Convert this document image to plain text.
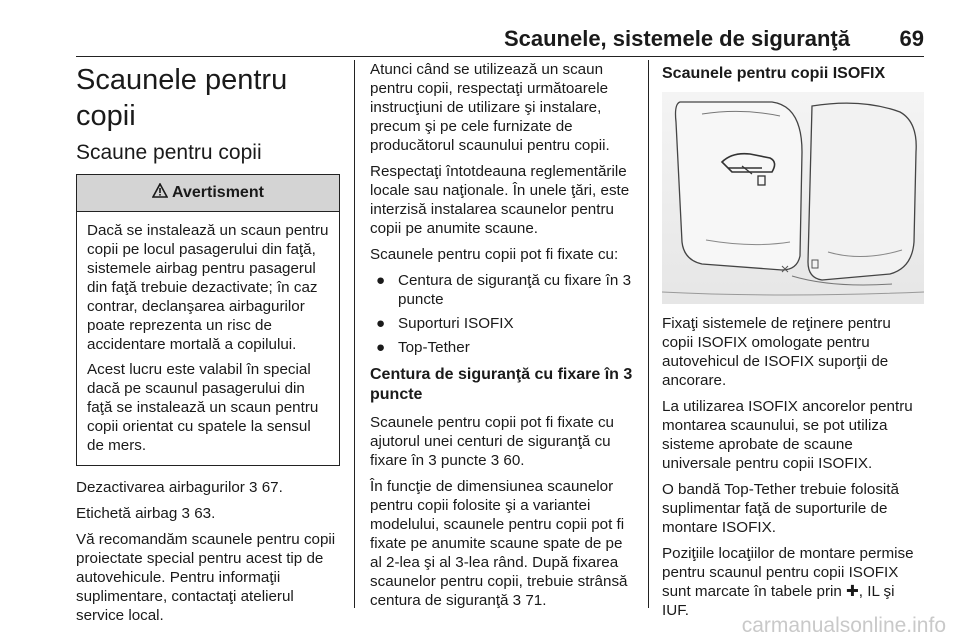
Scaunele, sistemele de siguranţă 69
Scaunele pentru copii
Scaune pentru copii
Avertisment

Dacă se instalează un scaun pentru copii pe locul pasagerului din faţă, sistemele airbag pentru pasagerul din faţă trebuie dezactivate; în caz contrar, declanşarea airbagurilor poate reprezenta un risc de accidentare mortală a copilului.

Acest lucru este valabil în special dacă pe scaunul pasagerului din faţă se instalează un scaun pentru copii orientat cu spatele la sensul de mers.

Dezactivarea airbagurilor 3 67.

Etichetă airbag 3 63.

Vă recomandăm scaunele pentru copii proiectate special pentru acest tip de autovehicule. Pentru informaţii suplimentare, contactaţi atelierul service local.

Atunci când se utilizează un scaun pentru copii, respectaţi următoarele instrucţiuni de utilizare şi instalare, precum şi pe cele furnizate de producătorul scaunului pentru copii.

Respectaţi întotdeauna reglementările locale sau naţionale. În unele ţări, este interzisă instalarea scaunelor pentru copii pe anumite scaune.

Scaunele pentru copii pot fi fixate cu:

● Centura de siguranţă cu fixare în 3 puncte
● Suporturi ISOFIX
● Top-Tether
Centura de siguranţă cu fixare în 3 puncte

Scaunele pentru copii pot fi fixate cu ajutorul unei centuri de siguranţă cu fixare în 3 puncte 3 60.

În funcţie de dimensiunea scaunelor pentru copii folosite şi a variantei modelului, scaunele pentru copii pot fi fixate pe anumite scaune spate de pe al 2-lea şi al 3-lea rând. După fixarea scaunelor pentru copii, trebuie strânsă centura de siguranţă 3 71.

Scaunele pentru copii ISOFIX

Fixaţi sistemele de reţinere pentru copii ISOFIX omologate pentru autovehicul de ISOFIX suporţii de ancorare.

La utilizarea ISOFIX ancorelor pentru montarea scaunului, se pot utiliza sisteme aprobate de scaune universale pentru copii ISOFIX.

O bandă Top-Tether trebuie folosită suplimentar faţă de suporturile de montare ISOFIX.

Poziţiile locaţiilor de montare permise pentru scaunul pentru copii ISOFIX sunt marcate în tabele prin ✚, IL şi IUF.

carmanualsonline.info
